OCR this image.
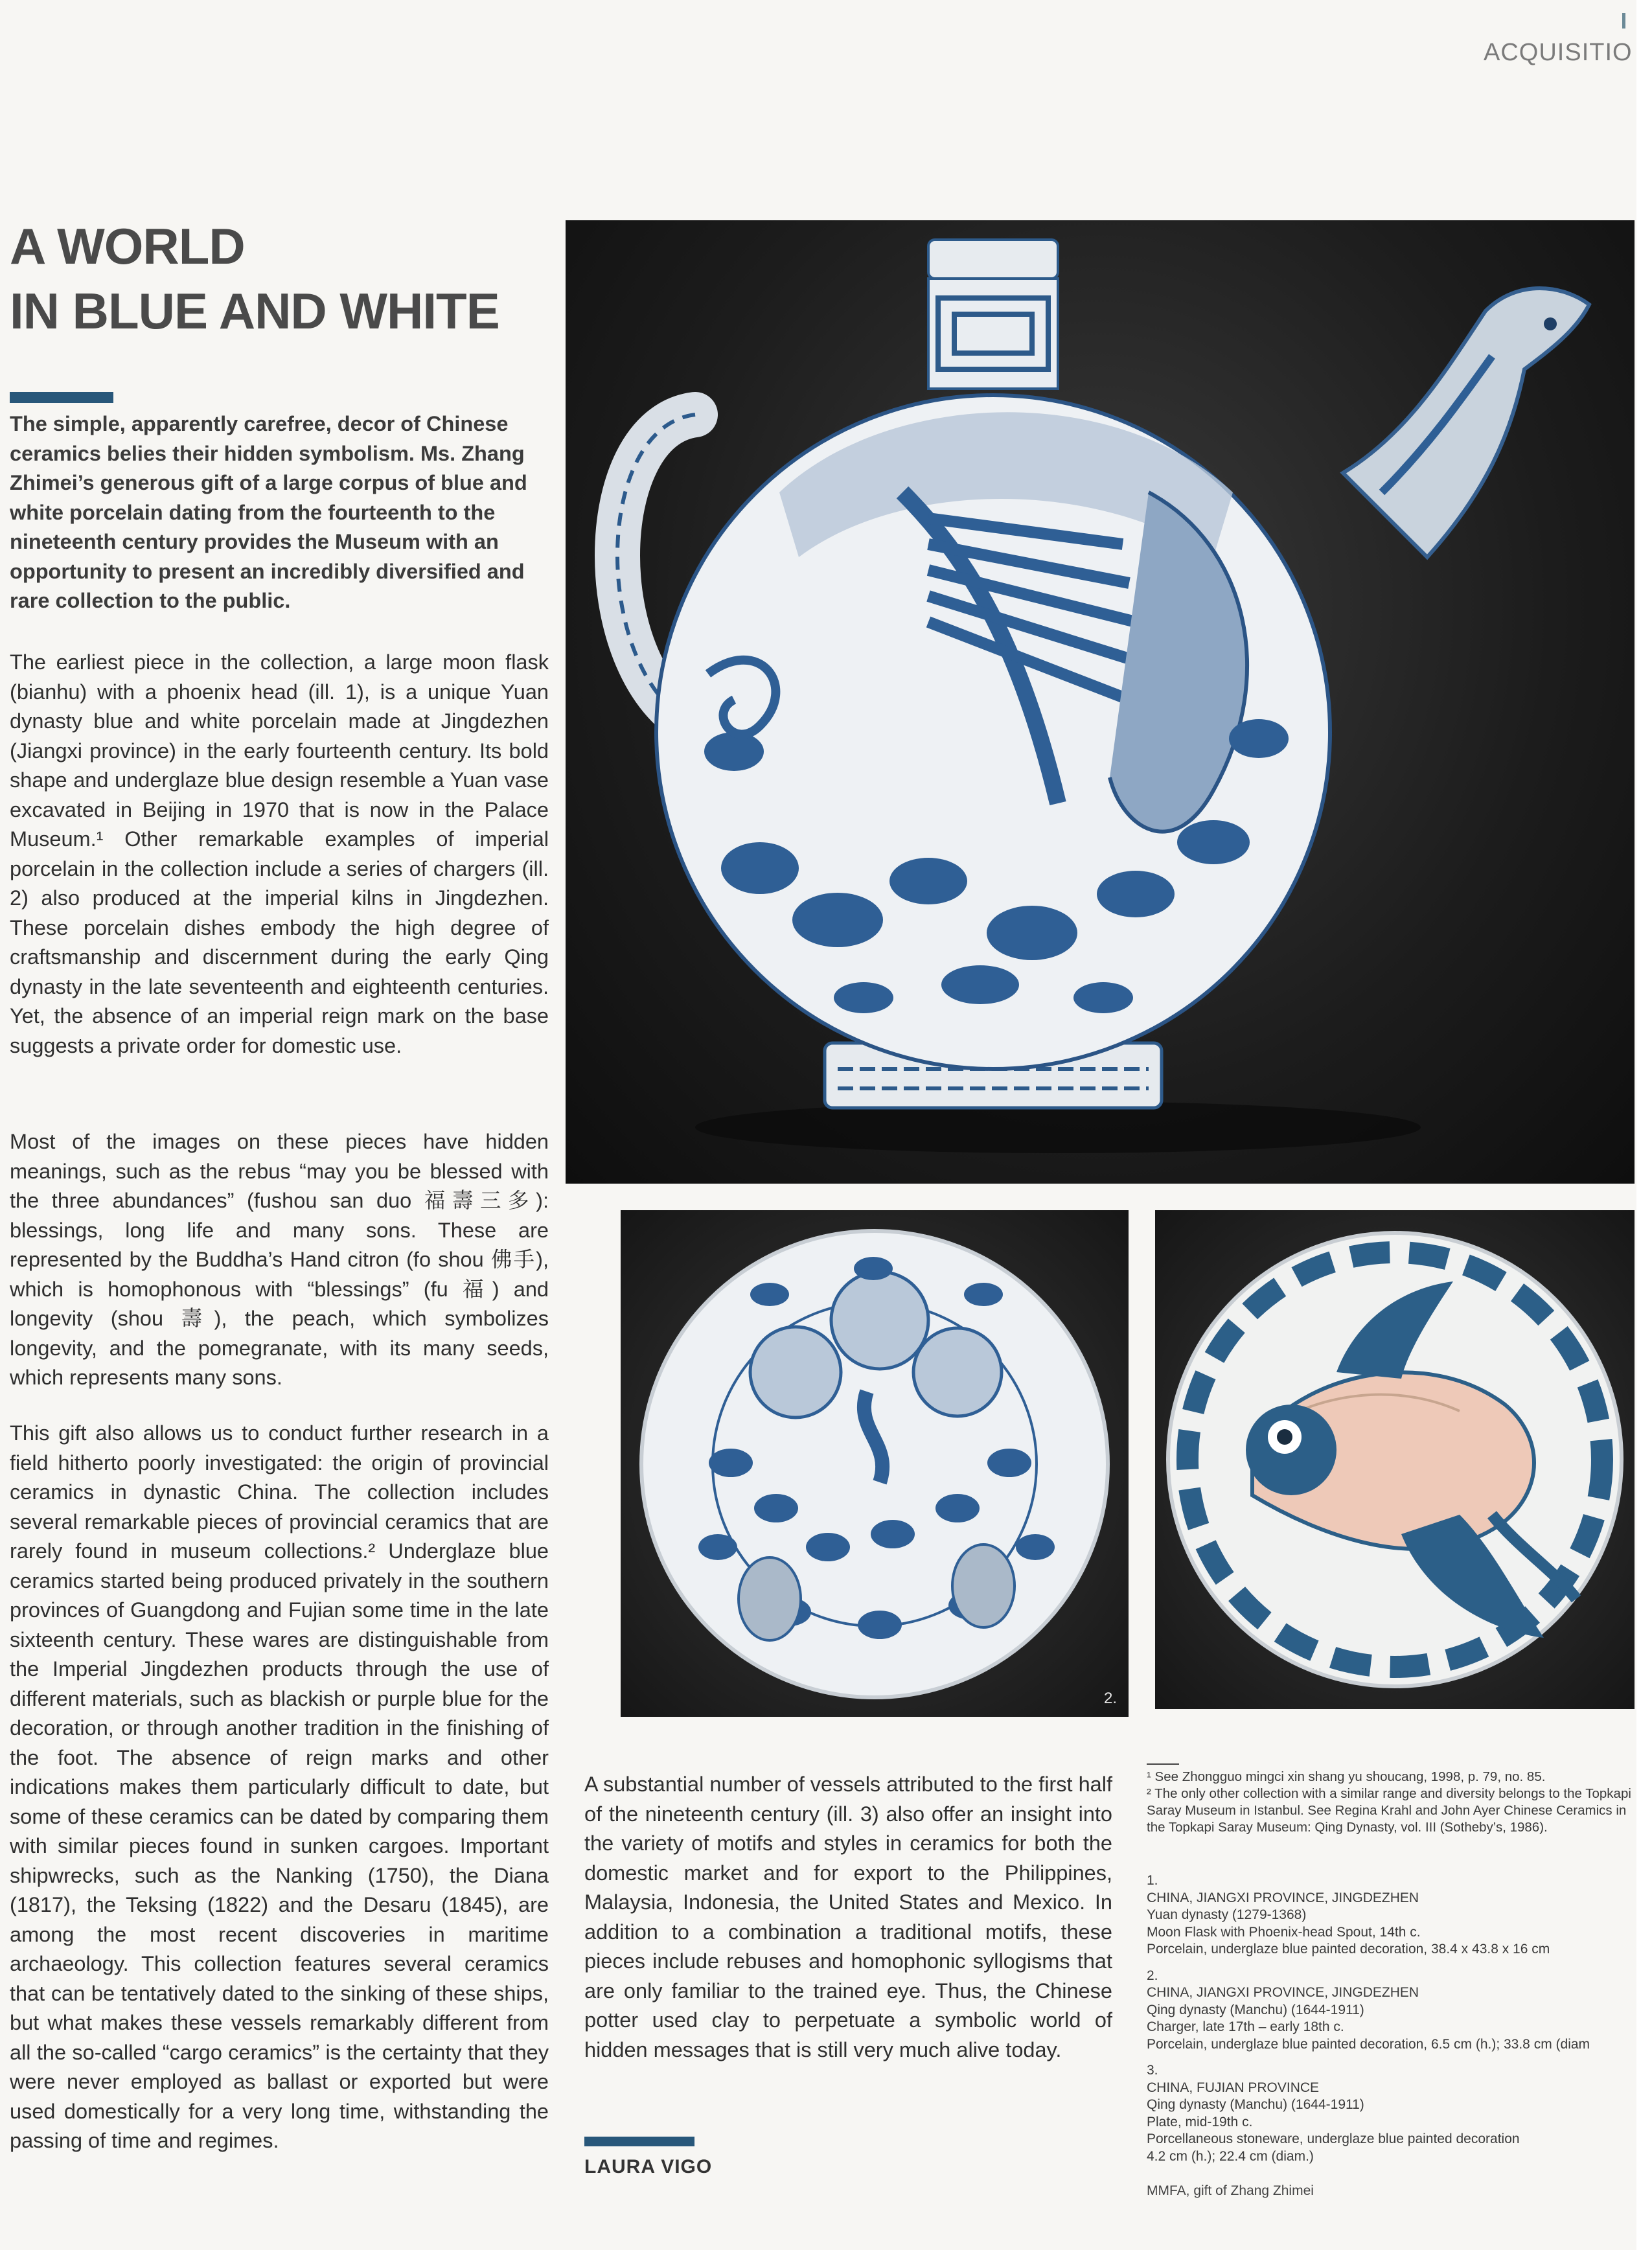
ACQUISITIO
A WORLD
IN BLUE AND WHITE

The simple, apparently carefree, decor of Chinese ceramics belies their hidden symbolism. Ms. Zhang Zhimei’s generous gift of a large corpus of blue and white porcelain dating from the fourteenth to the nineteenth century provides the Museum with an opportunity to present an incredibly diversified and rare collection to the public.

The earliest piece in the collection, a large moon flask (bianhu) with a phoenix head (ill. 1), is a unique Yuan dynasty blue and white porcelain made at Jingdezhen (Jiangxi province) in the early fourteenth century. Its bold shape and underglaze blue design resemble a Yuan vase excavated in Beijing in 1970 that is now in the Palace Museum.¹ Other remarkable examples of imperial porcelain in the collection include a series of chargers (ill. 2) also produced at the imperial kilns in Jingdezhen. These porcelain dishes embody the high degree of craftsmanship and discernment during the early Qing dynasty in the late seventeenth and eighteenth centuries. Yet, the absence of an imperial reign mark on the base suggests a private order for domestic use.

Most of the images on these pieces have hidden meanings, such as the rebus “may you be blessed with the three abundances” (fushou san duo 福壽三多): blessings, long life and many sons. These are represented by the Buddha’s Hand citron (fo shou 佛手), which is homophonous with “blessings” (fu 福) and longevity (shou 壽), the peach, which symbolizes longevity, and the pomegranate, with its many seeds, which represents many sons.

This gift also allows us to conduct further research in a field hitherto poorly investigated: the origin of provincial ceramics in dynastic China. The collection includes several remarkable pieces of provincial ceramics that are rarely found in museum collections.² Underglaze blue ceramics started being produced privately in the southern provinces of Guangdong and Fujian some time in the late sixteenth century. These wares are distinguishable from the Imperial Jingdezhen products through the use of different materials, such as blackish or purple blue for the decoration, or through another tradition in the finishing of the foot. The absence of reign marks and other indications makes them particularly difficult to date, but some of these ceramics can be dated by comparing them with similar pieces found in sunken cargoes. Important shipwrecks, such as the Nanking (1750), the Diana (1817), the Teksing (1822) and the Desaru (1845), are among the most recent discoveries in maritime archaeology. This collection features several ceramics that can be tentatively dated to the sinking of these ships, but what makes these vessels remarkably different from all the so-called “cargo ceramics” is the certainty that they were never employed as ballast or exported but were used domestically for a very long time, withstanding the passing of time and regimes.

A substantial number of vessels attributed to the first half of the nineteenth century (ill. 3) also offer an insight into the variety of motifs and styles in ceramics for both the domestic market and for export to the Philippines, Malaysia, Indonesia, the United States and Mexico. In addition to a combination a traditional motifs, these pieces include rebuses and homophonic syllogisms that are only familiar to the trained eye. Thus, the Chinese potter used clay to perpetuate a symbolic world of hidden messages that is still very much alive today.

LAURA VIGO
2.

¹ See Zhongguo mingci xin shang yu shoucang, 1998, p. 79, no. 85.

² The only other collection with a similar range and diversity belongs to the Topkapi Saray Museum in Istanbul. See Regina Krahl and John Ayer Chinese Ceramics in the Topkapi Saray Museum: Qing Dynasty, vol. III (Sotheby’s, 1986).

1.
CHINA, JIANGXI PROVINCE, JINGDEZHEN
Yuan dynasty (1279-1368)
Moon Flask with Phoenix-head Spout, 14th c.
Porcelain, underglaze blue painted decoration, 38.4 x 43.8 x 16 cm
2.
CHINA, JIANGXI PROVINCE, JINGDEZHEN
Qing dynasty (Manchu) (1644-1911)
Charger, late 17th – early 18th c.
Porcelain, underglaze blue painted decoration, 6.5 cm (h.); 33.8 cm (diam
3.
CHINA, FUJIAN PROVINCE
Qing dynasty (Manchu) (1644-1911)
Plate, mid-19th c.
Porcellaneous stoneware, underglaze blue painted decoration
4.2 cm (h.); 22.4 cm (diam.)
MMFA, gift of Zhang Zhimei
